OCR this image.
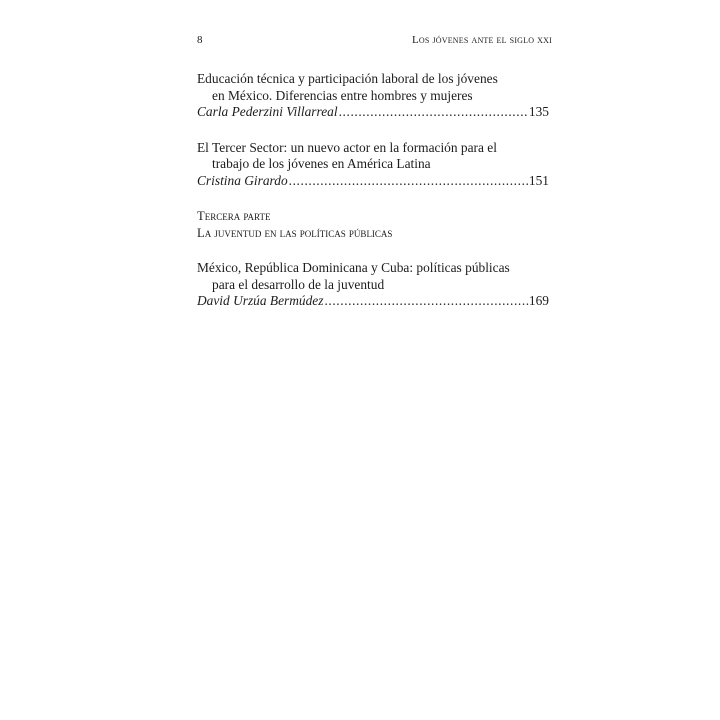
8	Los jóvenes ante el siglo xxi
Educación técnica y participación laboral de los jóvenes
en México. Diferencias entre hombres y mujeres
Carla Pederzini Villarreal .....	135
El Tercer Sector: un nuevo actor en la formación para el
trabajo de los jóvenes en América Latina
Cristina Girardo .....	151
Tercera parte
La juventud en las políticas públicas
México, República Dominicana y Cuba: políticas públicas
para el desarrollo de la juventud
David Urzúa Bermúdez .....	169
